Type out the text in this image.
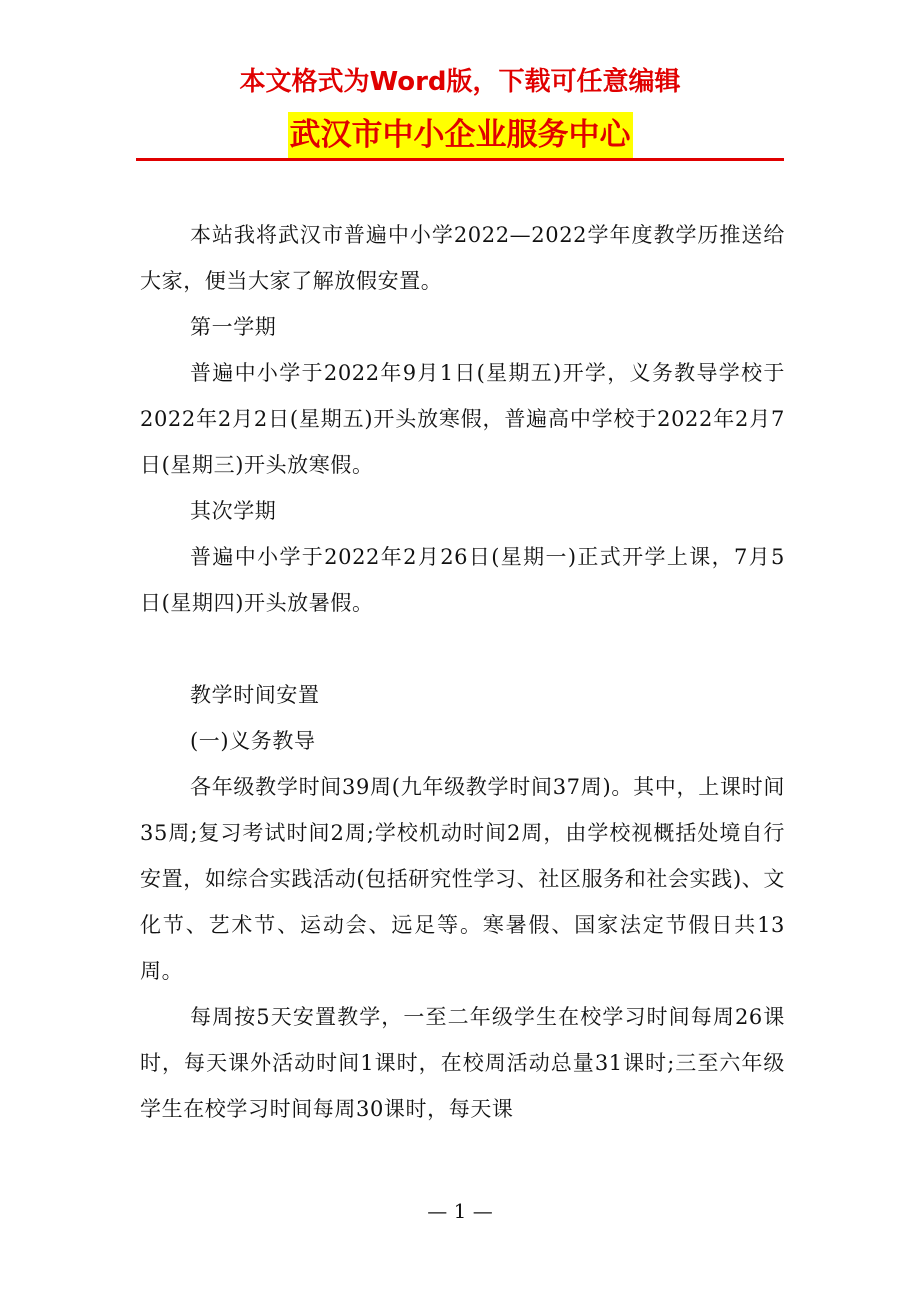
本文格式为Word版，下载可任意编辑
武汉市中小企业服务中心

本站我将武汉市普遍中小学2022—2022学年度教学历推送给大家，便当大家了解放假安置。

第一学期

普遍中小学于2022年9月1日(星期五)开学，义务教导学校于2022年2月2日(星期五)开头放寒假，普遍高中学校于2022年2月7日(星期三)开头放寒假。

其次学期

普遍中小学于2022年2月26日(星期一)正式开学上课，7月5日(星期四)开头放暑假。

教学时间安置

(一)义务教导

各年级教学时间39周(九年级教学时间37周)。其中，上课时间35周;复习考试时间2周;学校机动时间2周，由学校视概括处境自行安置，如综合实践活动(包括研究性学习、社区服务和社会实践)、文化节、艺术节、运动会、远足等。寒暑假、国家法定节假日共13周。

每周按5天安置教学，一至二年级学生在校学习时间每周26课时，每天课外活动时间1课时，在校周活动总量31课时;三至六年级学生在校学习时间每周30课时，每天课

— 1 —
